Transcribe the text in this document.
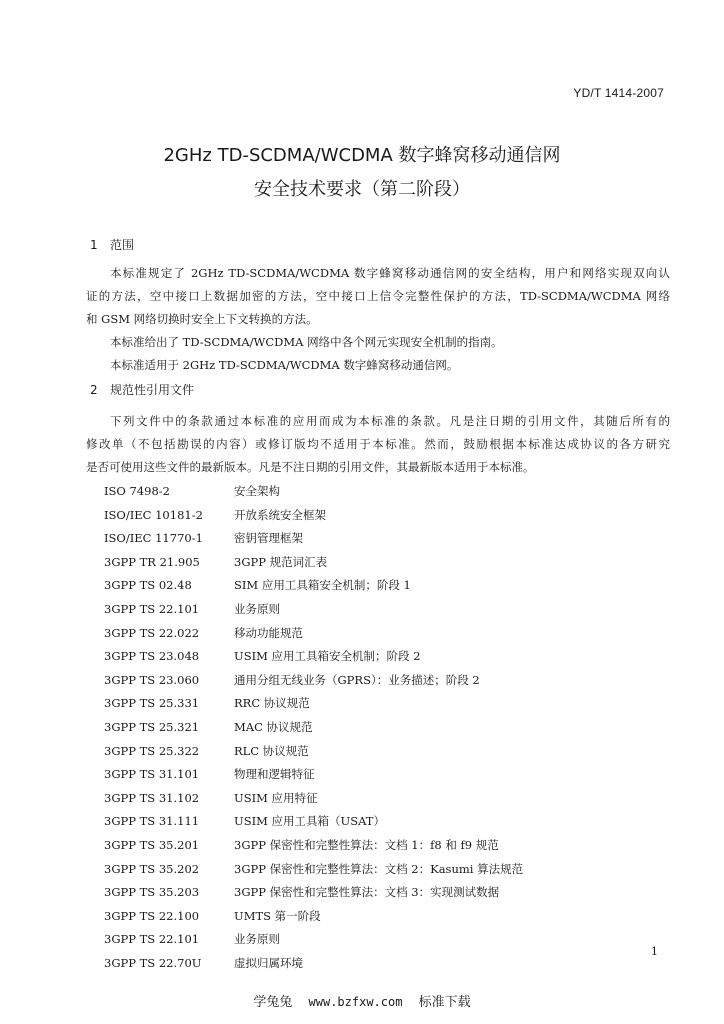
YD/T 1414-2007
2GHz TD-SCDMA/WCDMA 数字蜂窝移动通信网
安全技术要求（第二阶段）
1 范围

本标准规定了 2GHz TD-SCDMA/WCDMA 数字蜂窝移动通信网的安全结构，用户和网络实现双向认

证的方法，空中接口上数据加密的方法，空中接口上信令完整性保护的方法，TD-SCDMA/WCDMA 网络

和 GSM 网络切换时安全上下文转换的方法。

本标准给出了 TD-SCDMA/WCDMA 网络中各个网元实现安全机制的指南。

本标准适用于 2GHz TD-SCDMA/WCDMA 数字蜂窝移动通信网。

2 规范性引用文件

下列文件中的条款通过本标准的应用而成为本标准的条款。凡是注日期的引用文件，其随后所有的

修改单（不包括勘误的内容）或修订版均不适用于本标准。然而，鼓励根据本标准达成协议的各方研究

是否可使用这些文件的最新版本。凡是不注日期的引用文件，其最新版本适用于本标准。

ISO 7498-2	安全架构
ISO/IEC 10181-2	开放系统安全框架
ISO/IEC 11770-1	密钥管理框架
3GPP TR 21.905	3GPP 规范词汇表
3GPP TS 02.48	SIM 应用工具箱安全机制；阶段 1
3GPP TS 22.101	业务原则
3GPP TS 22.022	移动功能规范
3GPP TS 23.048	USIM 应用工具箱安全机制；阶段 2
3GPP TS 23.060	通用分组无线业务（GPRS）：业务描述；阶段 2
3GPP TS 25.331	RRC 协议规范
3GPP TS 25.321	MAC 协议规范
3GPP TS 25.322	RLC 协议规范
3GPP TS 31.101	物理和逻辑特征
3GPP TS 31.102	USIM 应用特征
3GPP TS 31.111	USIM 应用工具箱（USAT）
3GPP TS 35.201	3GPP 保密性和完整性算法：文档 1：f8 和 f9 规范
3GPP TS 35.202	3GPP 保密性和完整性算法：文档 2：Kasumi 算法规范
3GPP TS 35.203	3GPP 保密性和完整性算法：文档 3：实现测试数据
3GPP TS 22.100	UMTS 第一阶段
3GPP TS 22.101	业务原则
3GPP TS 22.70U	虚拟归属环境
1
学兔兔 www.bzfxw.com 标准下载
